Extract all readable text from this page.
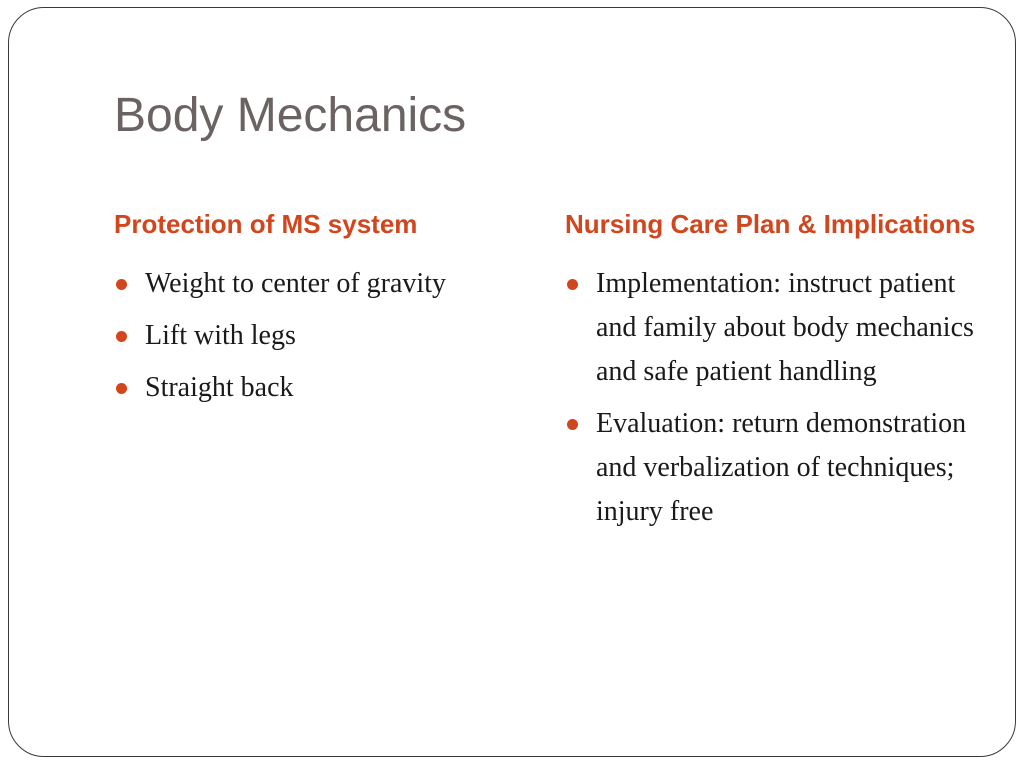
Body Mechanics
Protection of MS system
Weight to center of gravity
Lift with legs
Straight back
Nursing Care Plan & Implications
Implementation: instruct patient and family about body mechanics and safe patient handling
Evaluation: return demonstration and verbalization of techniques; injury free
